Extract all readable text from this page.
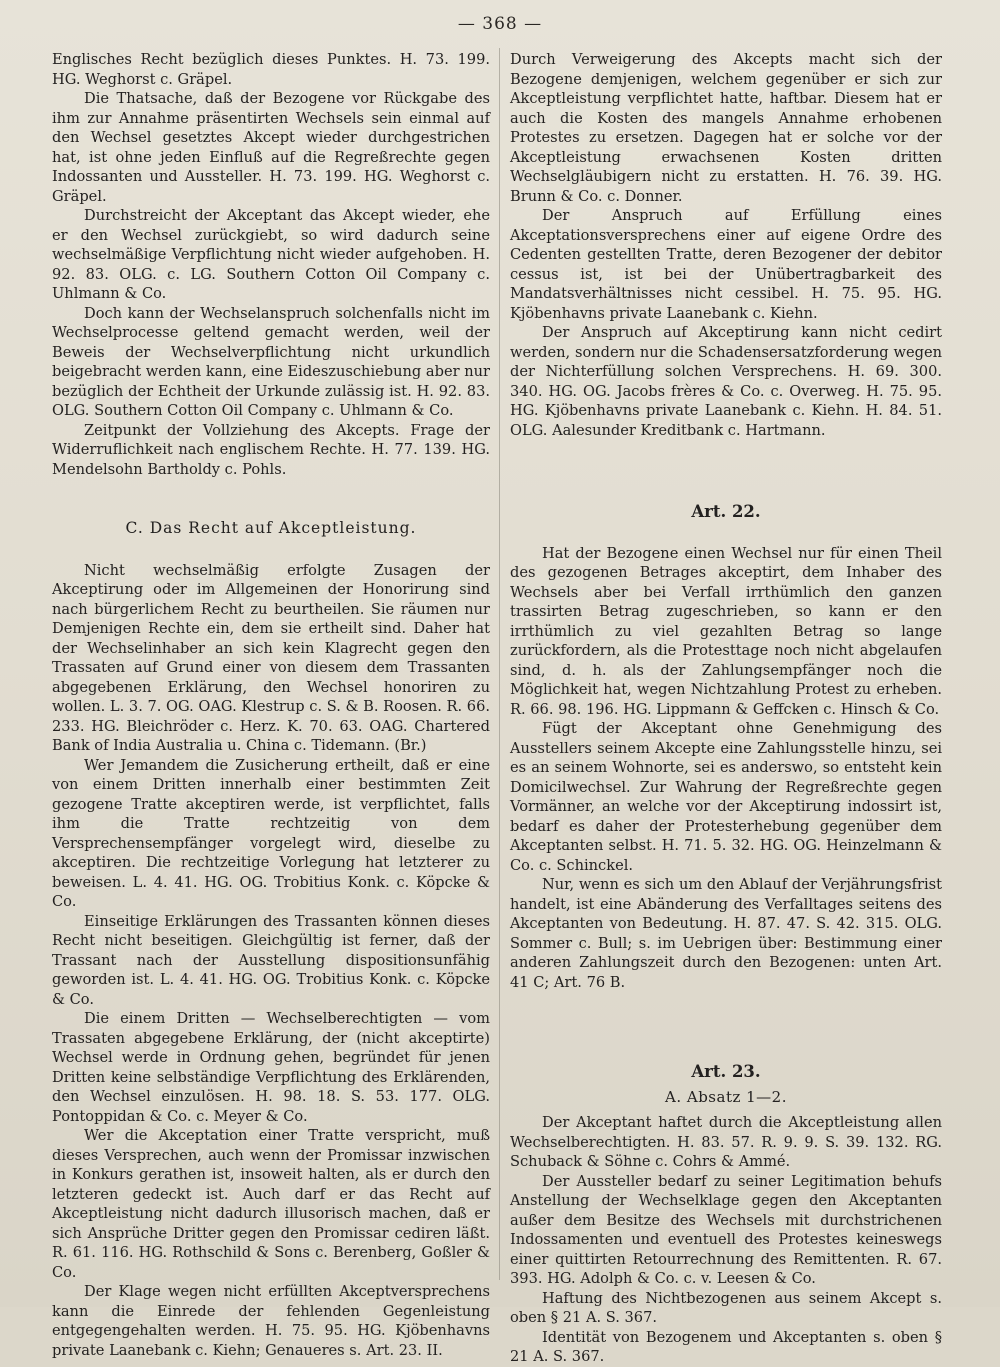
— 368 —

Englisches Recht bezüglich dieses Punktes. H. 73. 199. HG. Weghorst c. Gräpel.

Die Thatsache, daß der Bezogene vor Rückgabe des ihm zur Annahme präsentirten Wechsels sein einmal auf den Wechsel gesetztes Akcept wieder durchgestrichen hat, ist ohne jeden Einfluß auf die Regreßrechte gegen Indossanten und Aussteller. H. 73. 199. HG. Weghorst c. Gräpel.

Durchstreicht der Akceptant das Akcept wieder, ehe er den Wechsel zurückgiebt, so wird dadurch seine wechselmäßige Verpflichtung nicht wieder aufgehoben. H. 92. 83. OLG. c. LG. Southern Cotton Oil Company c. Uhlmann & Co.

Doch kann der Wechselanspruch solchenfalls nicht im Wechselprocesse geltend gemacht werden, weil der Beweis der Wechselverpflichtung nicht urkundlich beigebracht werden kann, eine Eideszuschiebung aber nur bezüglich der Echtheit der Urkunde zulässig ist. H. 92. 83. OLG. Southern Cotton Oil Company c. Uhlmann & Co.

Zeitpunkt der Vollziehung des Akcepts. Frage der Widerruflichkeit nach englischem Rechte. H. 77. 139. HG. Mendelsohn Bartholdy c. Pohls.

C. Das Recht auf Akceptleistung.

Nicht wechselmäßig erfolgte Zusagen der Akceptirung oder im Allgemeinen der Honorirung sind nach bürgerlichem Recht zu beurtheilen. Sie räumen nur Demjenigen Rechte ein, dem sie ertheilt sind. Daher hat der Wechselinhaber an sich kein Klagrecht gegen den Trassaten auf Grund einer von diesem dem Trassanten abgegebenen Erklärung, den Wechsel honoriren zu wollen. L. 3. 7. OG. OAG. Klestrup c. S. & B. Roosen. R. 66. 233. HG. Bleichröder c. Herz. K. 70. 63. OAG. Chartered Bank of India Australia u. China c. Tidemann. (Br.)

Wer Jemandem die Zusicherung ertheilt, daß er eine von einem Dritten innerhalb einer bestimmten Zeit gezogene Tratte akceptiren werde, ist verpflichtet, falls ihm die Tratte rechtzeitig von dem Versprechensempfänger vorgelegt wird, dieselbe zu akceptiren. Die rechtzeitige Vorlegung hat letzterer zu beweisen. L. 4. 41. HG. OG. Trobitius Konk. c. Köpcke & Co.

Einseitige Erklärungen des Trassanten können dieses Recht nicht beseitigen. Gleichgültig ist ferner, daß der Trassant nach der Ausstellung dispositionsunfähig geworden ist. L. 4. 41. HG. OG. Trobitius Konk. c. Köpcke & Co.

Die einem Dritten — Wechselberechtigten — vom Trassaten abgegebene Erklärung, der (nicht akceptirte) Wechsel werde in Ordnung gehen, begründet für jenen Dritten keine selbständige Verpflichtung des Erklärenden, den Wechsel einzulösen. H. 98. 18. S. 53. 177. OLG. Pontoppidan & Co. c. Meyer & Co.

Wer die Akceptation einer Tratte verspricht, muß dieses Versprechen, auch wenn der Promissar inzwischen in Konkurs gerathen ist, insoweit halten, als er durch den letzteren gedeckt ist. Auch darf er das Recht auf Akceptleistung nicht dadurch illusorisch machen, daß er sich Ansprüche Dritter gegen den Promissar cediren läßt. R. 61. 116. HG. Rothschild & Sons c. Berenberg, Goßler & Co.

Der Klage wegen nicht erfüllten Akceptversprechens kann die Einrede der fehlenden Gegenleistung entgegengehalten werden. H. 75. 95. HG. Kjöbenhavns private Laanebank c. Kiehn; Genaueres s. Art. 23. II.

Durch Verweigerung des Akcepts macht sich der Bezogene demjenigen, welchem gegenüber er sich zur Akceptleistung verpflichtet hatte, haftbar. Diesem hat er auch die Kosten des mangels Annahme erhobenen Protestes zu ersetzen. Dagegen hat er solche vor der Akceptleistung erwachsenen Kosten dritten Wechselgläubigern nicht zu erstatten. H. 76. 39. HG. Brunn & Co. c. Donner.

Der Anspruch auf Erfüllung eines Akceptationsversprechens einer auf eigene Ordre des Cedenten gestellten Tratte, deren Bezogener der debitor cessus ist, ist bei der Unübertragbarkeit des Mandatsverhältnisses nicht cessibel. H. 75. 95. HG. Kjöbenhavns private Laanebank c. Kiehn.

Der Anspruch auf Akceptirung kann nicht cedirt werden, sondern nur die Schadensersatzforderung wegen der Nichterfüllung solchen Versprechens. H. 69. 300. 340. HG. OG. Jacobs frères & Co. c. Overweg. H. 75. 95. HG. Kjöbenhavns private Laanebank c. Kiehn. H. 84. 51. OLG. Aalesunder Kreditbank c. Hartmann.

Art. 22.

Hat der Bezogene einen Wechsel nur für einen Theil des gezogenen Betrages akceptirt, dem Inhaber des Wechsels aber bei Verfall irrthümlich den ganzen trassirten Betrag zugeschrieben, so kann er den irrthümlich zu viel gezahlten Betrag so lange zurückfordern, als die Protesttage noch nicht abgelaufen sind, d. h. als der Zahlungsempfänger noch die Möglichkeit hat, wegen Nichtzahlung Protest zu erheben. R. 66. 98. 196. HG. Lippmann & Geffcken c. Hinsch & Co.

Fügt der Akceptant ohne Genehmigung des Ausstellers seinem Akcepte eine Zahlungsstelle hinzu, sei es an seinem Wohnorte, sei es anderswo, so entsteht kein Domicilwechsel. Zur Wahrung der Regreßrechte gegen Vormänner, an welche vor der Akceptirung indossirt ist, bedarf es daher der Protesterhebung gegenüber dem Akceptanten selbst. H. 71. 5. 32. HG. OG. Heinzelmann & Co. c. Schinckel.

Nur, wenn es sich um den Ablauf der Verjährungsfrist handelt, ist eine Abänderung des Verfalltages seitens des Akceptanten von Bedeutung. H. 87. 47. S. 42. 315. OLG. Sommer c. Bull; s. im Uebrigen über: Bestimmung einer anderen Zahlungszeit durch den Bezogenen: unten Art. 41 C; Art. 76 B.

Art. 23.
A. Absatz 1—2.

Der Akceptant haftet durch die Akceptleistung allen Wechselberechtigten. H. 83. 57. R. 9. 9. S. 39. 132. RG. Schuback & Söhne c. Cohrs & Ammé.

Der Aussteller bedarf zu seiner Legitimation behufs Anstellung der Wechselklage gegen den Akceptanten außer dem Besitze des Wechsels mit durchstrichenen Indossamenten und eventuell des Protestes keineswegs einer quittirten Retourrechnung des Remittenten. R. 67. 393. HG. Adolph & Co. c. v. Leesen & Co.

Haftung des Nichtbezogenen aus seinem Akcept s. oben § 21 A. S. 367.

Identität von Bezogenem und Akceptanten s. oben § 21 A. S. 367.
